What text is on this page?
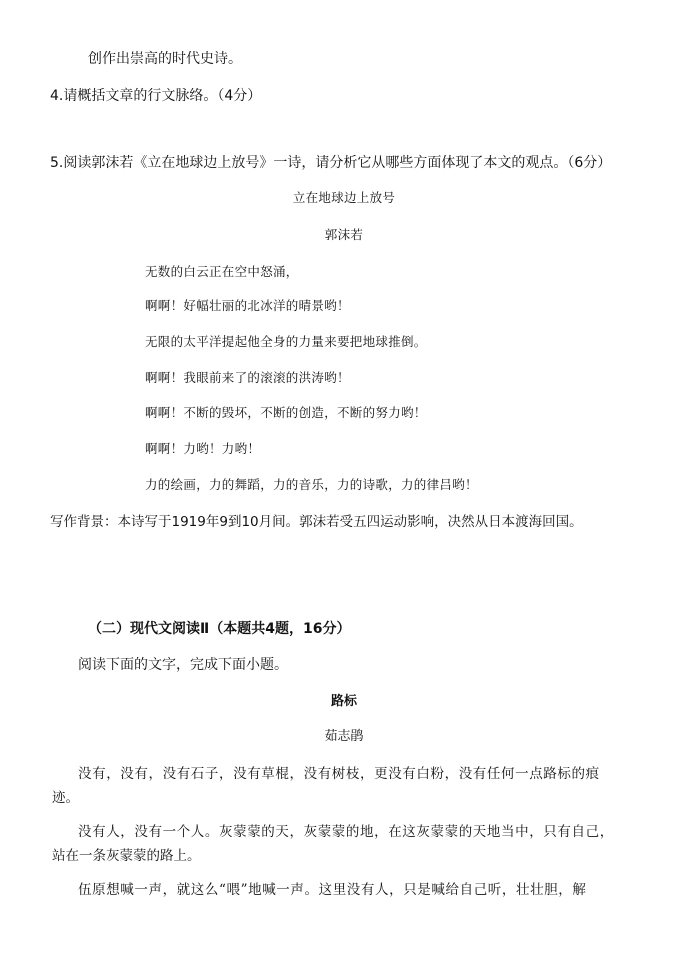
创作出崇高的时代史诗。
4.请概括文章的行文脉络。（4分）
5.阅读郭沫若《立在地球边上放号》一诗，请分析它从哪些方面体现了本文的观点。（6分）
立在地球边上放号
郭沫若
无数的白云正在空中怒涌，
啊啊！好幅壮丽的北冰洋的晴景哟！
无限的太平洋提起他全身的力量来要把地球推倒。
啊啊！我眼前来了的滚滚的洪涛哟！
啊啊！不断的毁坏，不断的创造，不断的努力哟！
啊啊！力哟！力哟！
力的绘画，力的舞蹈，力的音乐，力的诗歌，力的律吕哟！
写作背景：本诗写于1919年9到10月间。郭沫若受五四运动影响，决然从日本渡海回国。
（二）现代文阅读Ⅱ（本题共4题，16分）
阅读下面的文字，完成下面小题。
路标
茹志鹃
没有，没有，没有石子，没有草棍，没有树枝，更没有白粉，没有任何一点路标的痕
迹。
没有人，没有一个人。灰蒙蒙的天，灰蒙蒙的地，在这灰蒙蒙的天地当中，只有自己，
站在一条灰蒙蒙的路上。
伍原想喊一声，就这么“喂”地喊一声。这里没有人，只是喊给自己听，壮壮胆，解
